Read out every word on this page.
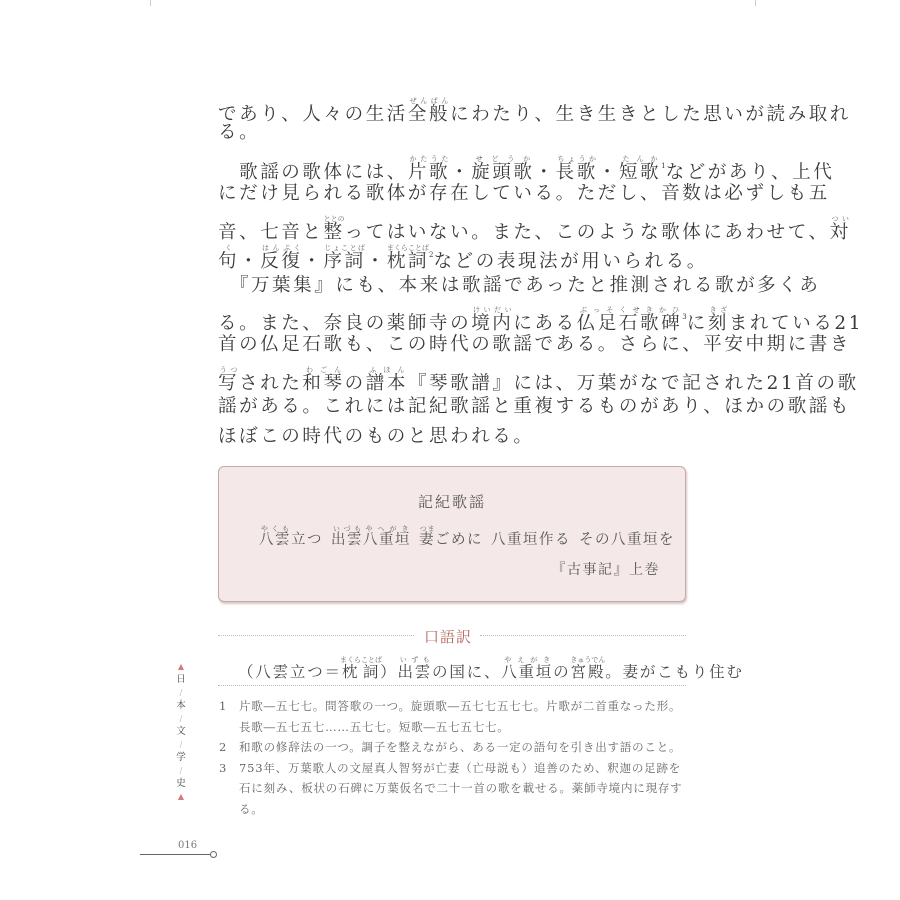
であり、人々の生活全般ぜんぱんにわたり、生き生きとした思いが読み取れ
る。
　歌謡の歌体には、片歌かたうた・旋頭歌せどうか・長歌ちょうか・短歌たんか$^1$などがあり、上代
にだけ見られる歌体が存在している。ただし、音数は必ずしも五
音、七音と整ととのってはいない。また、このような歌体にあわせて、対つい
句く・反復はんぷく・序詞じょことば・枕詞まくらことば$^2$などの表現法が用いられる。
　『万葉集』にも、本来は歌謡であったと推測される歌が多くあ
る。また、奈良の薬師寺の境内けいだいにある仏足石歌碑ぶっそくせきかひ$^3$に刻きざまれている21
首の仏足石歌も、この時代の歌謡である。さらに、平安中期に書き
写うつされた和琴わごんの譜本ふほん『琴歌譜』には、万葉がなで記された21首の歌
謡がある。これには記紀歌謡と重複するものがあり、ほかの歌謡も
ほぼこの時代のものと思われる。
記紀歌謡
八雲やくも立つ 出雲いづも八重垣やへがき妻つまごめに 八重垣作る その八重垣を
『古事記』上巻
口語訳
（八雲立つ＝枕詞まくらことば）出雲いずもの国に、八重垣やえがきの宮殿きゅうでん。妻がこもり住む
1 片歌―五七七。問答歌の一つ。旋頭歌―五七七五七七。片歌が二首重なった形。
長歌―五七五七……五七七。短歌―五七五七七。
2 和歌の修辞法の一つ。調子を整えながら、ある一定の語句を引き出す語のこと。
3 753年、万葉歌人の文屋真人智努が亡妻（亡母説も）追善のため、釈迦の足跡を
石に刻み、板状の石碑に万葉仮名で二十一首の歌を載せる。薬師寺境内に現存す
る。
▲
日
/
本
/
文
/
学
/
史
▲
016
